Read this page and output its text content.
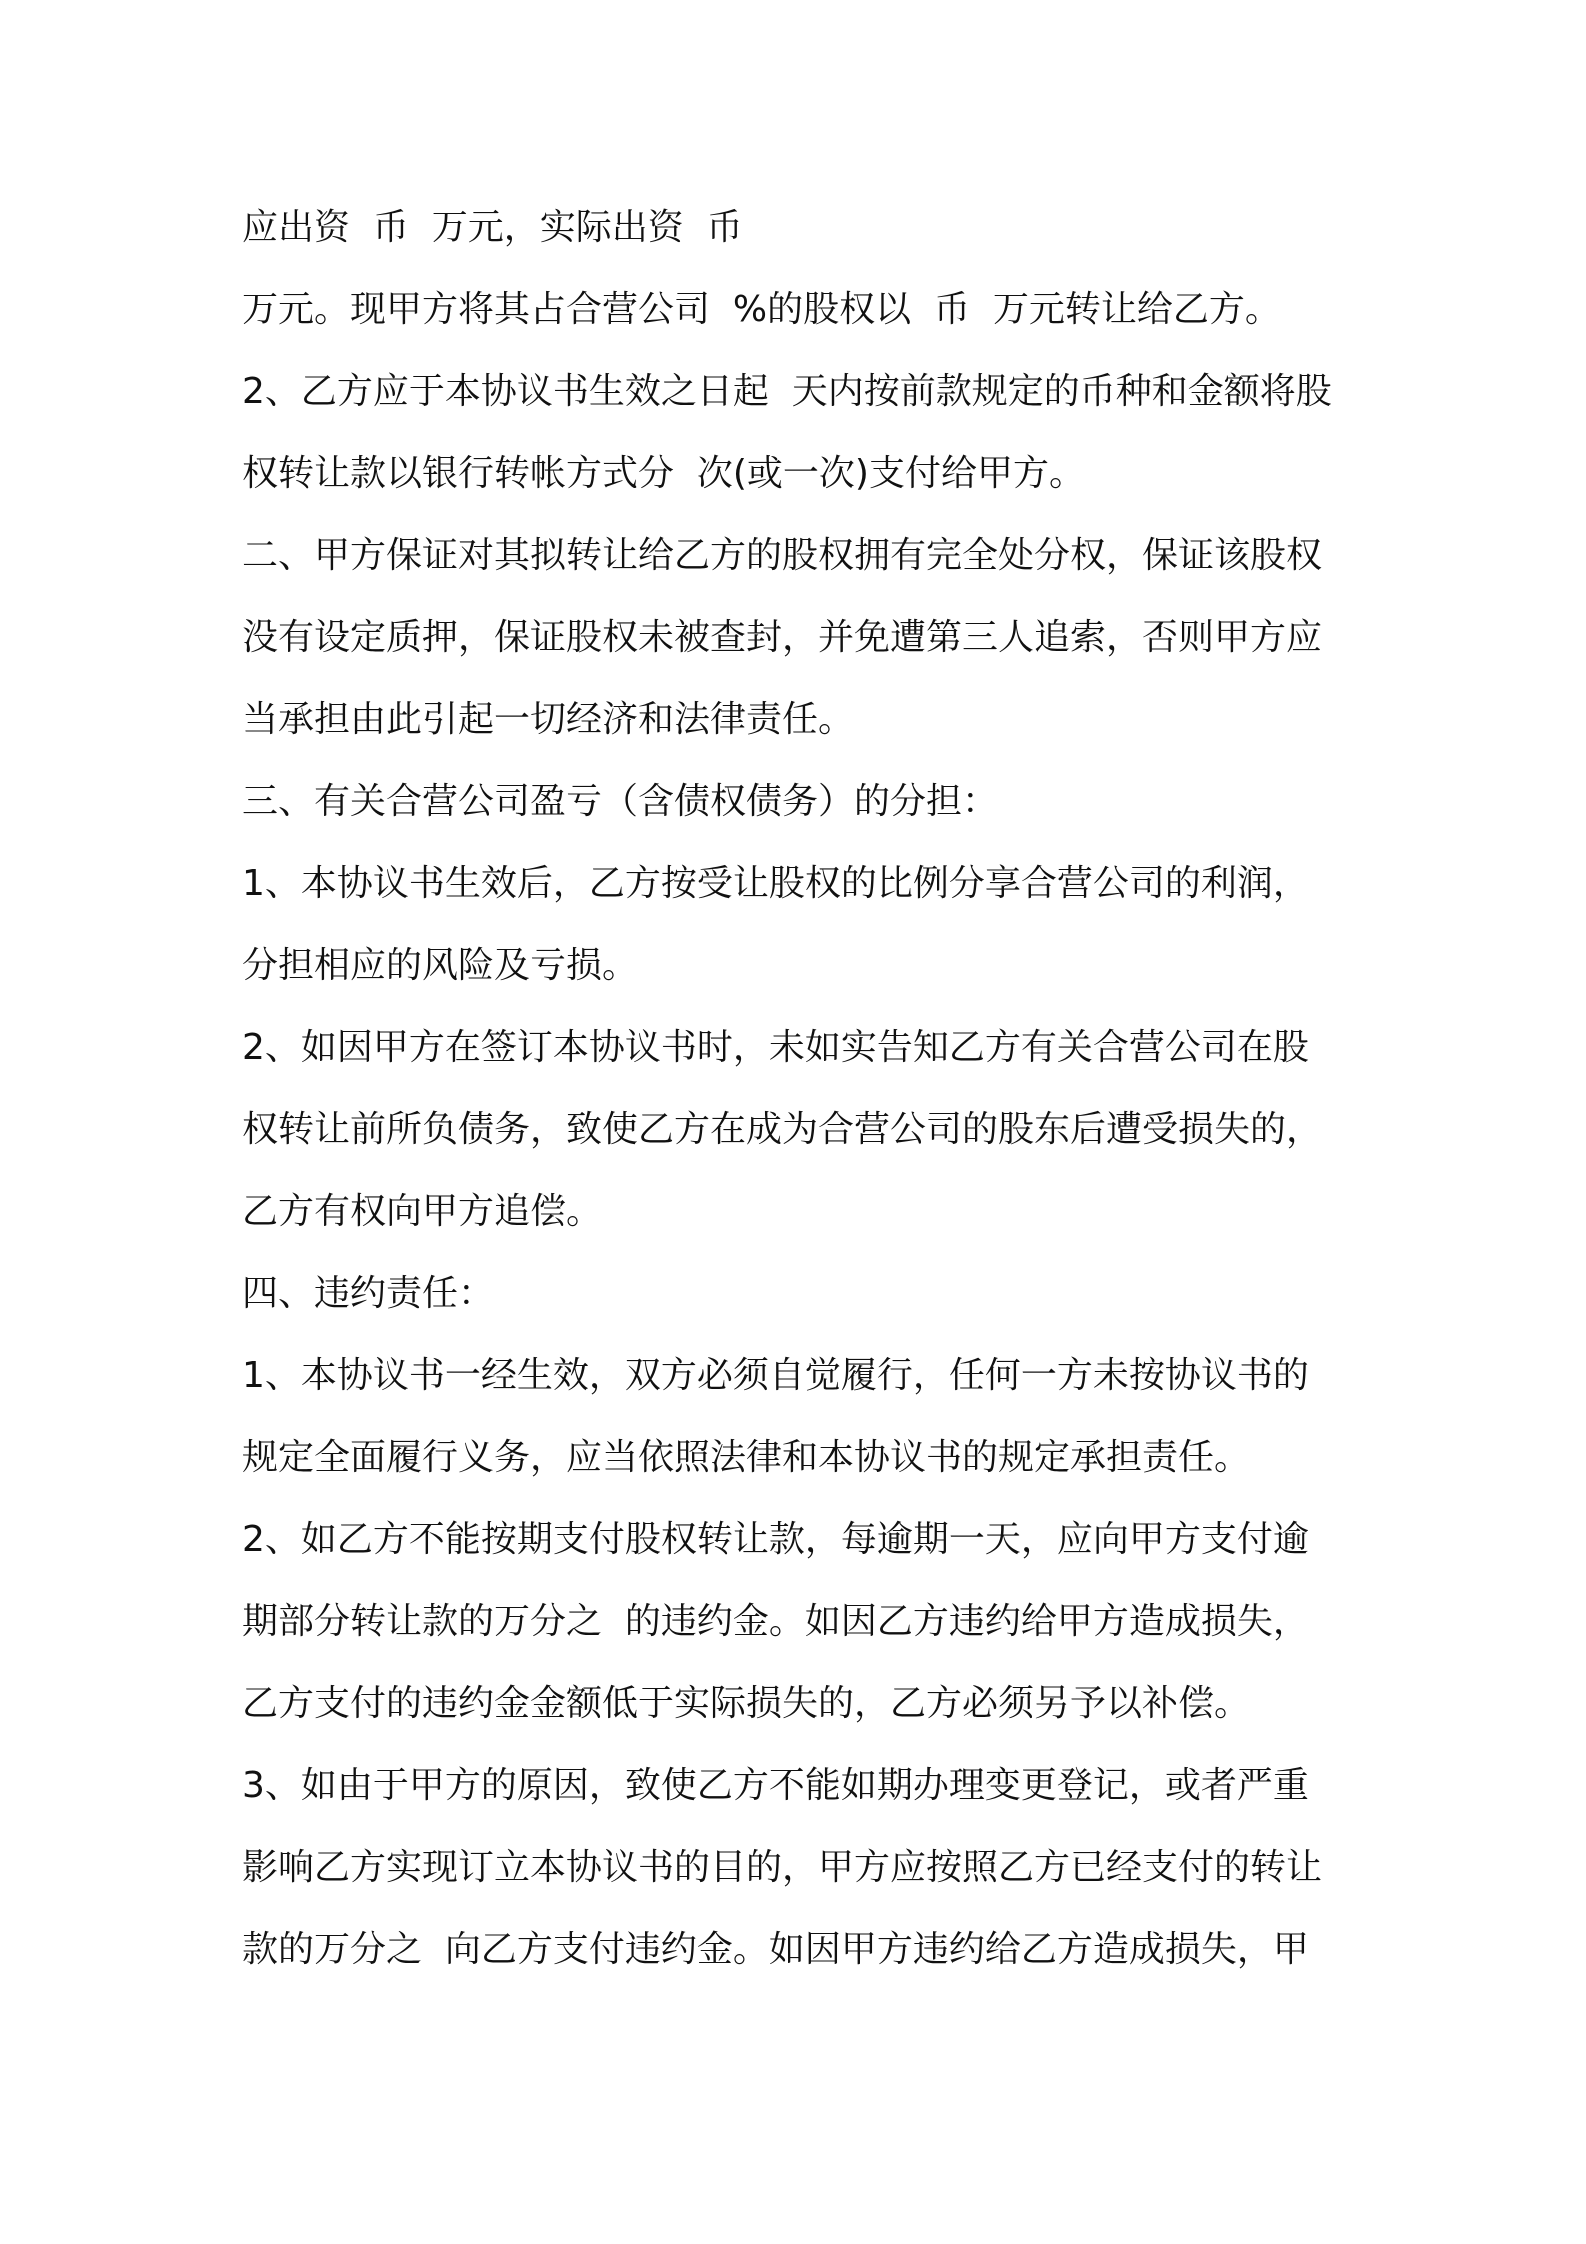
应出资  币  万元，实际出资  币

万元。现甲方将其占合营公司  %的股权以  币  万元转让给乙方。

2、乙方应于本协议书生效之日起  天内按前款规定的币种和金额将股

权转让款以银行转帐方式分  次(或一次)支付给甲方。

二、甲方保证对其拟转让给乙方的股权拥有完全处分权，保证该股权

没有设定质押，保证股权未被查封，并免遭第三人追索，否则甲方应

当承担由此引起一切经济和法律责任。

三、有关合营公司盈亏（含债权债务）的分担：

1、本协议书生效后，乙方按受让股权的比例分享合营公司的利润，

分担相应的风险及亏损。

2、如因甲方在签订本协议书时，未如实告知乙方有关合营公司在股

权转让前所负债务，致使乙方在成为合营公司的股东后遭受损失的，

乙方有权向甲方追偿。

四、违约责任：

1、本协议书一经生效，双方必须自觉履行，任何一方未按协议书的

规定全面履行义务，应当依照法律和本协议书的规定承担责任。

2、如乙方不能按期支付股权转让款，每逾期一天，应向甲方支付逾

期部分转让款的万分之  的违约金。如因乙方违约给甲方造成损失，

乙方支付的违约金金额低于实际损失的，乙方必须另予以补偿。

3、如由于甲方的原因，致使乙方不能如期办理变更登记，或者严重

影响乙方实现订立本协议书的目的，甲方应按照乙方已经支付的转让

款的万分之  向乙方支付违约金。如因甲方违约给乙方造成损失，甲
